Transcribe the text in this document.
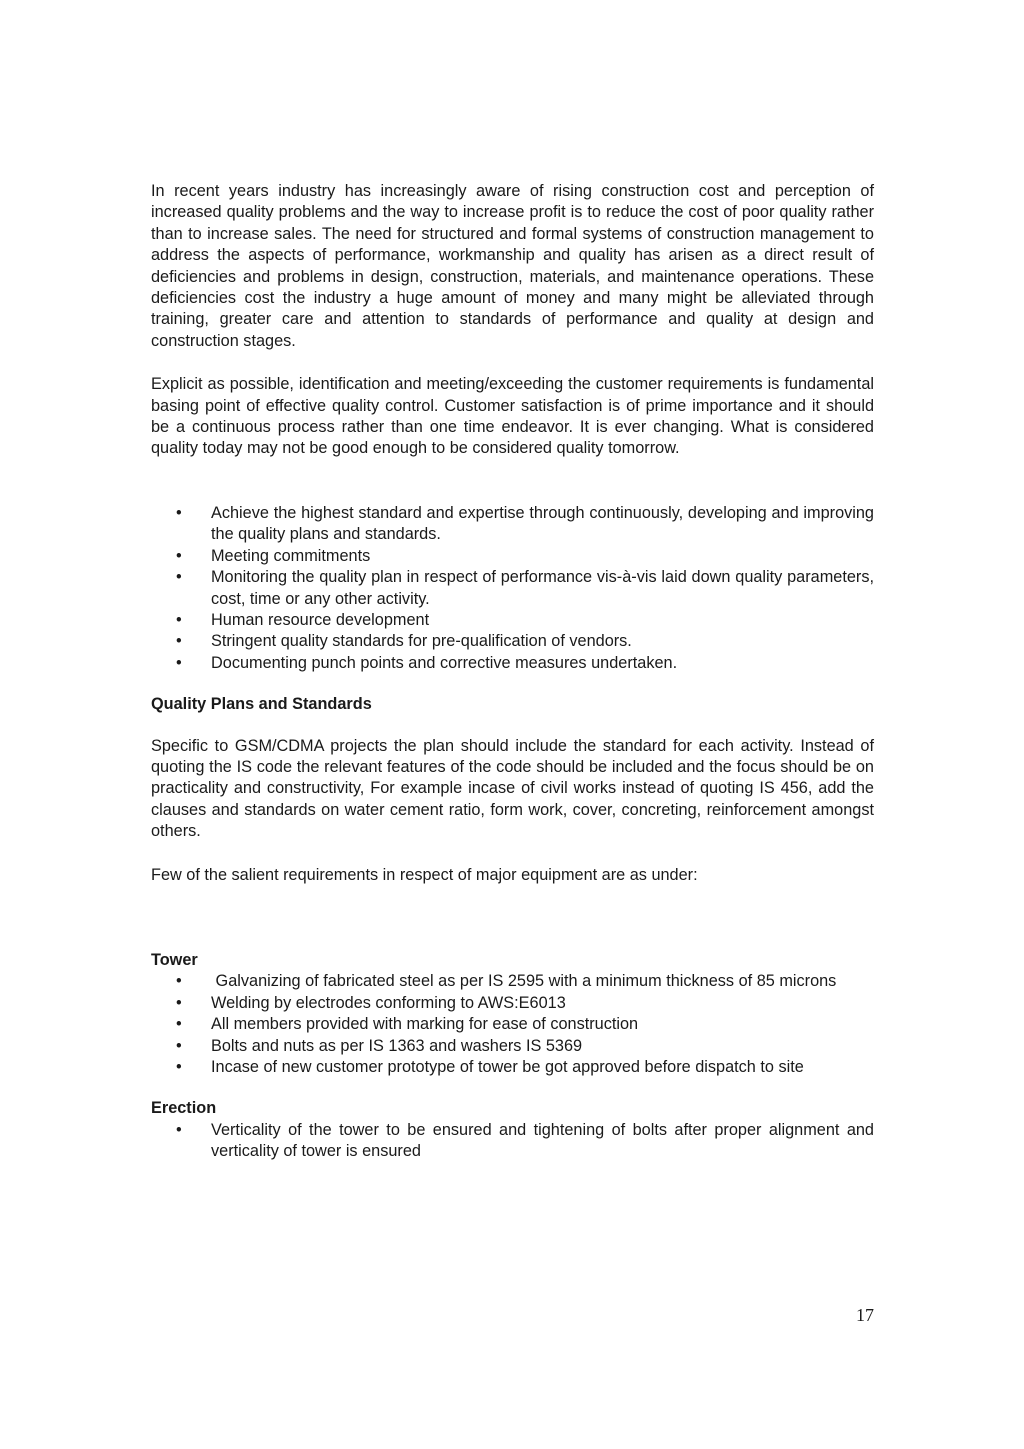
In recent years industry has increasingly aware of rising construction cost and perception of increased quality problems and the way to increase profit is to reduce the cost of poor quality rather than to increase sales. The need for structured and formal systems of construction management to address the aspects of performance, workmanship and quality has arisen as a direct result of deficiencies and problems in design, construction, materials, and maintenance operations. These deficiencies cost the industry a huge amount of money and many might be alleviated through training, greater care and attention to standards of performance and quality at design and construction stages.

Explicit as possible, identification and meeting/exceeding the customer requirements is fundamental basing point of effective quality control. Customer satisfaction is of prime importance and it should be a continuous process rather than one time endeavor. It is ever changing. What is considered quality today may not be good enough to be considered quality tomorrow.

• Achieve the highest standard and expertise through continuously, developing and improving the quality plans and standards.
• Meeting commitments
• Monitoring the quality plan in respect of performance vis-à-vis laid down quality parameters, cost, time or any other activity.
• Human resource development
• Stringent quality standards for pre-qualification of vendors.
• Documenting punch points and corrective measures undertaken.
Quality Plans and Standards

Specific to GSM/CDMA projects the plan should include the standard for each activity. Instead of quoting the IS code the relevant features of the code should be included and the focus should be on practicality and constructivity, For example incase of civil works instead of quoting IS 456, add the clauses and standards on water cement ratio, form work, cover, concreting, reinforcement amongst others.

Few of the salient requirements in respect of major equipment are as under:

Tower
• Galvanizing of fabricated steel as per IS 2595 with a minimum thickness of 85 microns
• Welding by electrodes conforming to AWS:E6013
• All members provided with marking for ease of construction
• Bolts and nuts as per IS 1363 and washers IS 5369
• Incase of new customer prototype of tower be got approved before dispatch to site
Erection
• Verticality of the tower to be ensured and tightening of bolts after proper alignment and verticality of tower is ensured
17
